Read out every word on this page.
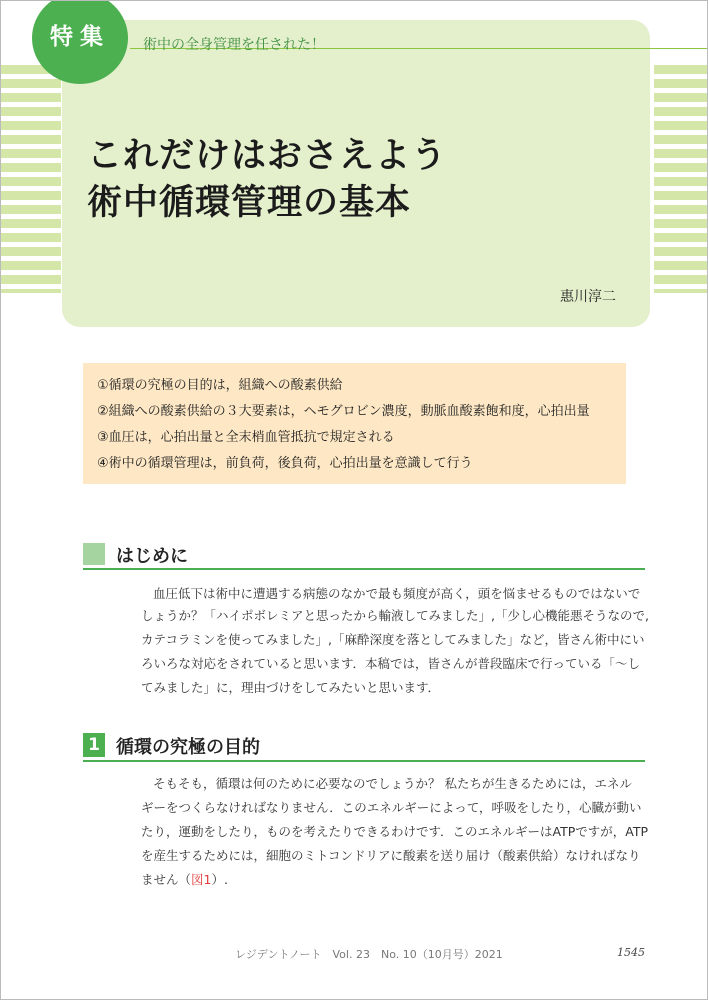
特集	術中の全身管理を任された！
これだけはおさえよう
術中循環管理の基本
惠川淳二
①循環の究極の目的は，組織への酸素供給
②組織への酸素供給の３大要素は，ヘモグロビン濃度，動脈血酸素飽和度，心拍出量
③血圧は，心拍出量と全末梢血管抵抗で規定される
④術中の循環管理は，前負荷，後負荷，心拍出量を意識して行う
はじめに
血圧低下は術中に遭遇する病態のなかで最も頻度が高く，頭を悩ませるものではないで
しょうか？「ハイポボレミアと思ったから輸液してみました」,「少し心機能悪そうなので,
カテコラミンを使ってみました」,「麻酔深度を落としてみました」など，皆さん術中にい
ろいろな対応をされていると思います．本稿では，皆さんが普段臨床で行っている「〜し
てみました」に，理由づけをしてみたいと思います．
1 循環の究極の目的
そもそも，循環は何のために必要なのでしょうか？ 私たちが生きるためには，エネル
ギーをつくらなければなりません．このエネルギーによって，呼吸をしたり，心臓が動い
たり，運動をしたり，ものを考えたりできるわけです．このエネルギーはATPですが，ATP
を産生するためには，細胞のミトコンドリアに酸素を送り届け（酸素供給）なければなり
ません（図1）.
レジデントノート　Vol. 23　No. 10（10月号）2021	1545
